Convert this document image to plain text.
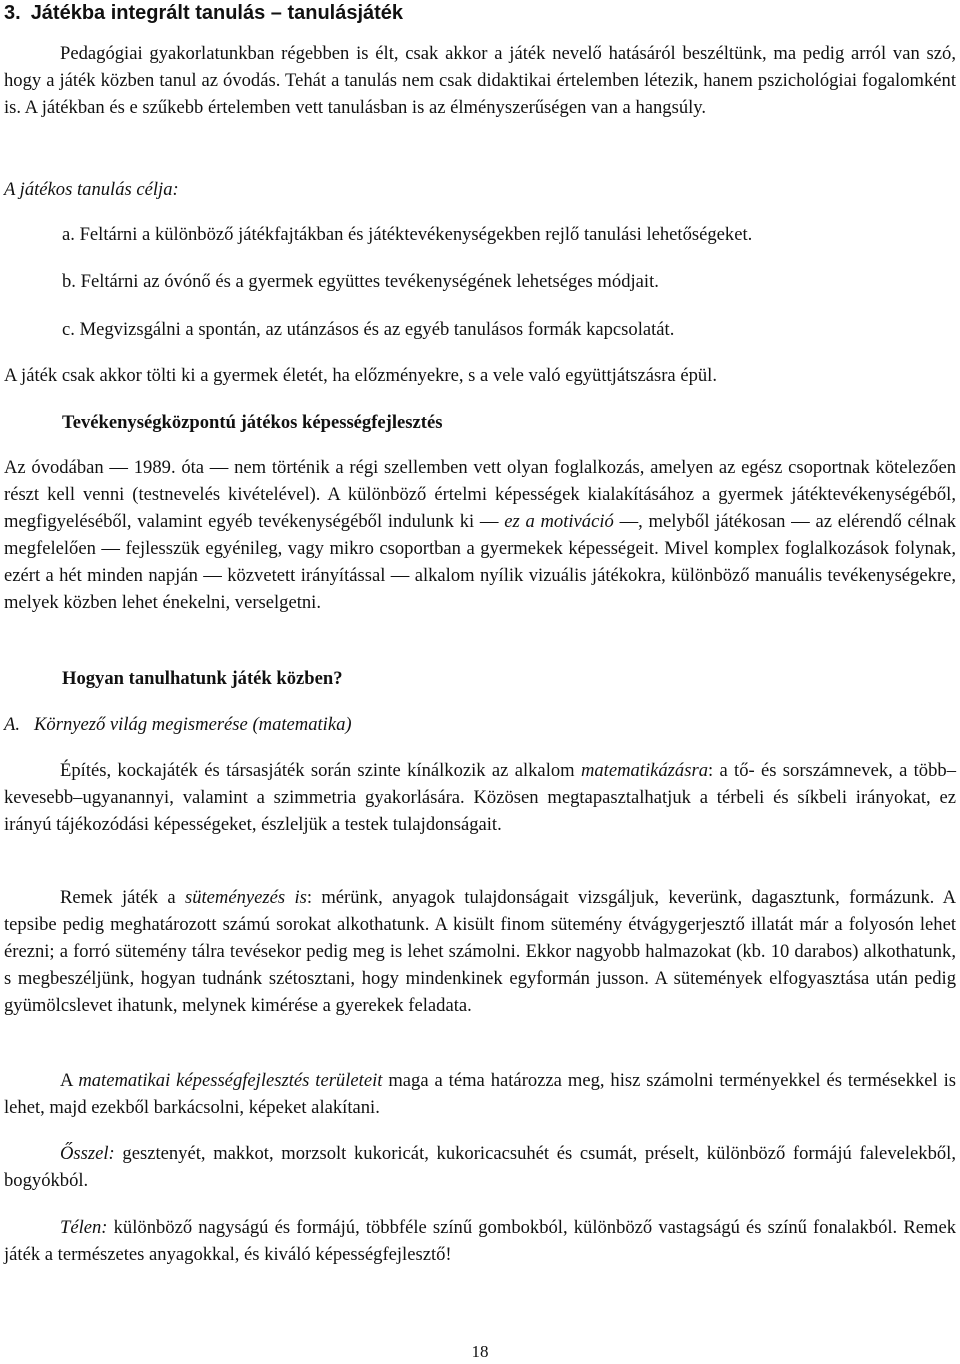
3. Játékba integrált tanulás – tanulásjáték
Pedagógiai gyakorlatunkban régebben is élt, csak akkor a játék nevelő hatásáról beszéltünk, ma pedig arról van szó, hogy a játék közben tanul az óvodás. Tehát a tanulás nem csak didaktikai értelemben létezik, hanem pszichológiai fogalomként is. A játékban és e szűkebb értelemben vett tanulásban is az élményszerűségen van a hangsúly.
A játékos tanulás célja:
a. Feltárni a különböző játékfajtákban és játéktevékenységekben rejlő tanulási lehetőségeket.
b. Feltárni az óvónő és a gyermek együttes tevékenységének lehetséges módjait.
c. Megvizsgálni a spontán, az utánzásos és az egyéb tanulásos formák kapcsolatát.
A játék csak akkor tölti ki a gyermek életét, ha előzményekre, s a vele való együttjátszásra épül.
Tevékenységközpontú játékos képességfejlesztés
Az óvodában — 1989. óta — nem történik a régi szellemben vett olyan foglalkozás, amelyen az egész csoportnak kötelezően részt kell venni (testnevelés kivételével). A különböző értelmi képességek kialakításához a gyermek játéktevékenységéből, megfigyeléséből, valamint egyéb tevékenységéből indulunk ki — ez a motiváció —, melyből játékosan — az elérendő célnak megfelelően — fejlesszük egyénileg, vagy mikro csoportban a gyermekek képességeit. Mivel komplex foglalkozások folynak, ezért a hét minden napján — közvetett irányítással — alkalom nyílik vizuális játékokra, különböző manuális tevékenységekre, melyek közben lehet énekelni, verselgetni.
Hogyan tanulhatunk játék közben?
A. Környező világ megismerése (matematika)
Építés, kockajáték és társasjáték során szinte kínálkozik az alkalom matematikázásra: a tő- és sorszámnevek, a több–kevesebb–ugyanannyi, valamint a szimmetria gyakorlására. Közösen megtapasztalhatjuk a térbeli és síkbeli irányokat, ez irányú tájékozódási képességeket, észleljük a testek tulajdonságait.
Remek játék a süteményezés is: mérünk, anyagok tulajdonságait vizsgáljuk, keverünk, dagasztunk, formázunk. A tepsibe pedig meghatározott számú sorokat alkothatunk. A kisült finom sütemény étvágygerjesztő illatát már a folyosón lehet érezni; a forró sütemény tálra tevésekor pedig meg is lehet számolni. Ekkor nagyobb halmazokat (kb. 10 darabos) alkothatunk, s megbeszéljünk, hogyan tudnánk szétosztani, hogy mindenkinek egyformán jusson. A sütemények elfogyasztása után pedig gyümölcslevet ihatunk, melynek kimérése a gyerekek feladata.
A matematikai képességfejlesztés területeit maga a téma határozza meg, hisz számolni terményekkel és termésekkel is lehet, majd ezekből barkácsolni, képeket alakítani.
Ősszel: gesztenyét, makkot, morzsolt kukoricát, kukoricacsuhét és csumát, préselt, különböző formájú falevelekből, bogyókból.
Télen: különböző nagyságú és formájú, többféle színű gombokból, különböző vastagságú és színű fonalakból. Remek játék a természetes anyagokkal, és kiváló képességfejlesztő!
18
